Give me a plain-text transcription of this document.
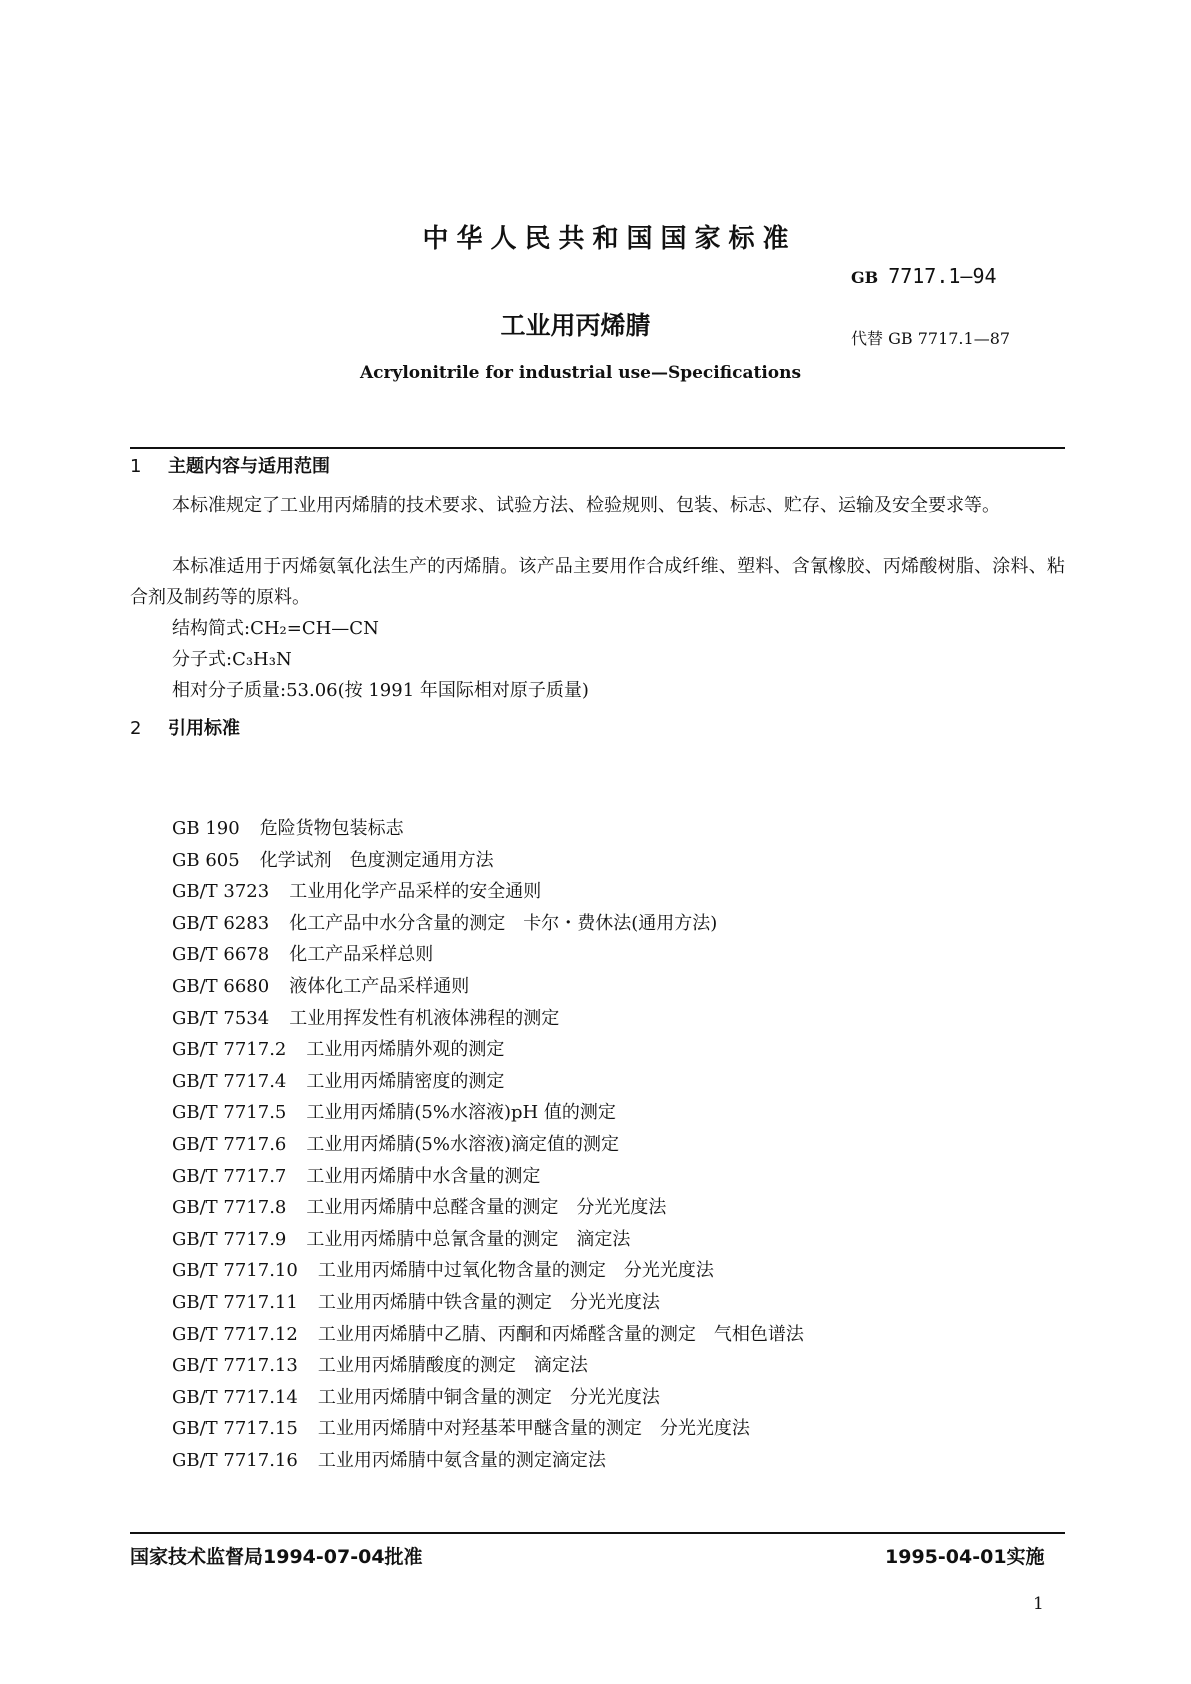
中华人民共和国国家标准
GB 7717.1—94
工业用丙烯腈	代替 GB 7717.1—87
Acrylonitrile for industrial use—Specifications
1 主题内容与适用范围
本标准规定了工业用丙烯腈的技术要求、试验方法、检验规则、包装、标志、贮存、运输及安全要求等。
本标准适用于丙烯氨氧化法生产的丙烯腈。该产品主要用作合成纤维、塑料、含氰橡胶、丙烯酸树脂、涂料、粘合剂及制药等的原料。
结构简式:CH₂=CH—CN
分子式:C₃H₃N
相对分子质量:53.06(按 1991 年国际相对原子质量)
2 引用标准
GB 190 危险货物包装标志
GB 605 化学试剂　色度测定通用方法
GB/T 3723 工业用化学产品采样的安全通则
GB/T 6283 化工产品中水分含量的测定　卡尔・费休法(通用方法)
GB/T 6678 化工产品采样总则
GB/T 6680 液体化工产品采样通则
GB/T 7534 工业用挥发性有机液体沸程的测定
GB/T 7717.2 工业用丙烯腈外观的测定
GB/T 7717.4 工业用丙烯腈密度的测定
GB/T 7717.5 工业用丙烯腈(5%水溶液)pH 值的测定
GB/T 7717.6 工业用丙烯腈(5%水溶液)滴定值的测定
GB/T 7717.7 工业用丙烯腈中水含量的测定
GB/T 7717.8 工业用丙烯腈中总醛含量的测定　分光光度法
GB/T 7717.9 工业用丙烯腈中总氰含量的测定　滴定法
GB/T 7717.10 工业用丙烯腈中过氧化物含量的测定　分光光度法
GB/T 7717.11 工业用丙烯腈中铁含量的测定　分光光度法
GB/T 7717.12 工业用丙烯腈中乙腈、丙酮和丙烯醛含量的测定　气相色谱法
GB/T 7717.13 工业用丙烯腈酸度的测定　滴定法
GB/T 7717.14 工业用丙烯腈中铜含量的测定　分光光度法
GB/T 7717.15 工业用丙烯腈中对羟基苯甲醚含量的测定　分光光度法
GB/T 7717.16 工业用丙烯腈中氨含量的测定滴定法
国家技术监督局1994-07-04批准	1995-04-01实施
1
